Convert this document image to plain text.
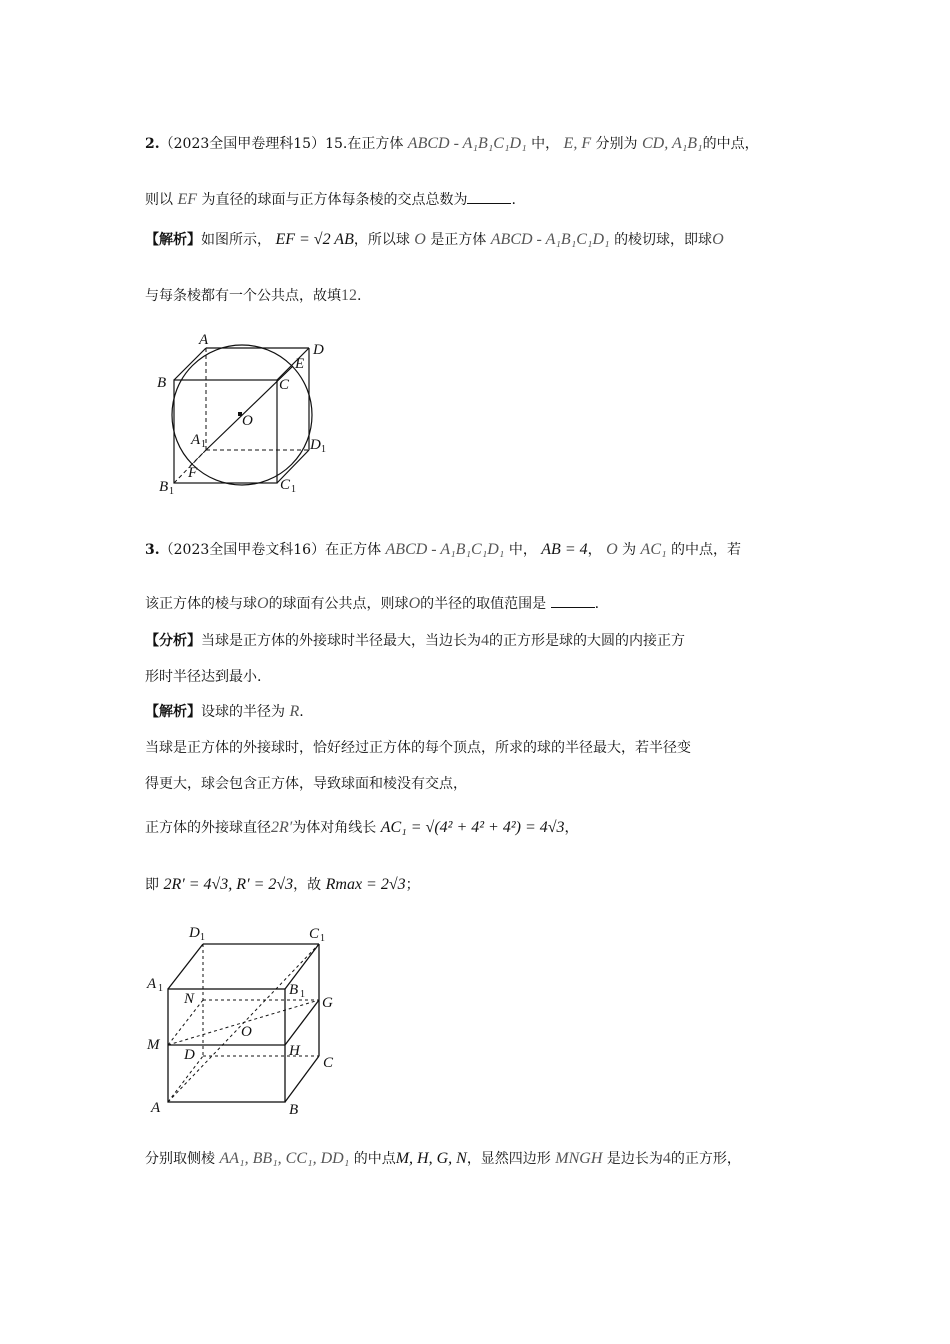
2.（2023全国甲卷理科15）15.在正方体 ABCD - A₁B₁C₁D₁ 中， E, F 分别为 CD, A₁B₁的中点，
则以 EF 为直径的球面与正方体每条棱的交点总数为	.
【解析】如图所示， EF = √2 AB，所以球 O 是正方体 ABCD - A₁B₁C₁D₁ 的棱切球，即球O
与每条棱都有一个公共点，故填12.
A
D
B	C
E
O
A 1	D 1
B 1
F
C 1
3.（2023全国甲卷文科16）在正方体 ABCD - A₁B₁C₁D₁ 中， AB = 4， O 为 AC₁ 的中点，若
该正方体的棱与球O的球面有公共点，则球O的半径的取值范围是	.
【分析】当球是正方体的外接球时半径最大，当边长为4的正方形是球的大圆的内接正方
形时半径达到最小.
【解析】设球的半径为 R.
当球是正方体的外接球时，恰好经过正方体的每个顶点，所求的球的半径最大，若半径变
得更大，球会包含正方体，导致球面和棱没有交点，
正方体的外接球直径2R′为体对角线长 AC₁ = √(4² + 4² + 4²) = 4√3，
即 2R′ = 4√3, R′ = 2√3，故 Rmax = 2√3；
D 1	C 1
A 1
N
B 1
G
O
M
D	H
C
A	B
分别取侧棱 AA₁, BB₁, CC₁, DD₁ 的中点M, H, G, N，显然四边形 MNGH 是边长为4的正方形，
